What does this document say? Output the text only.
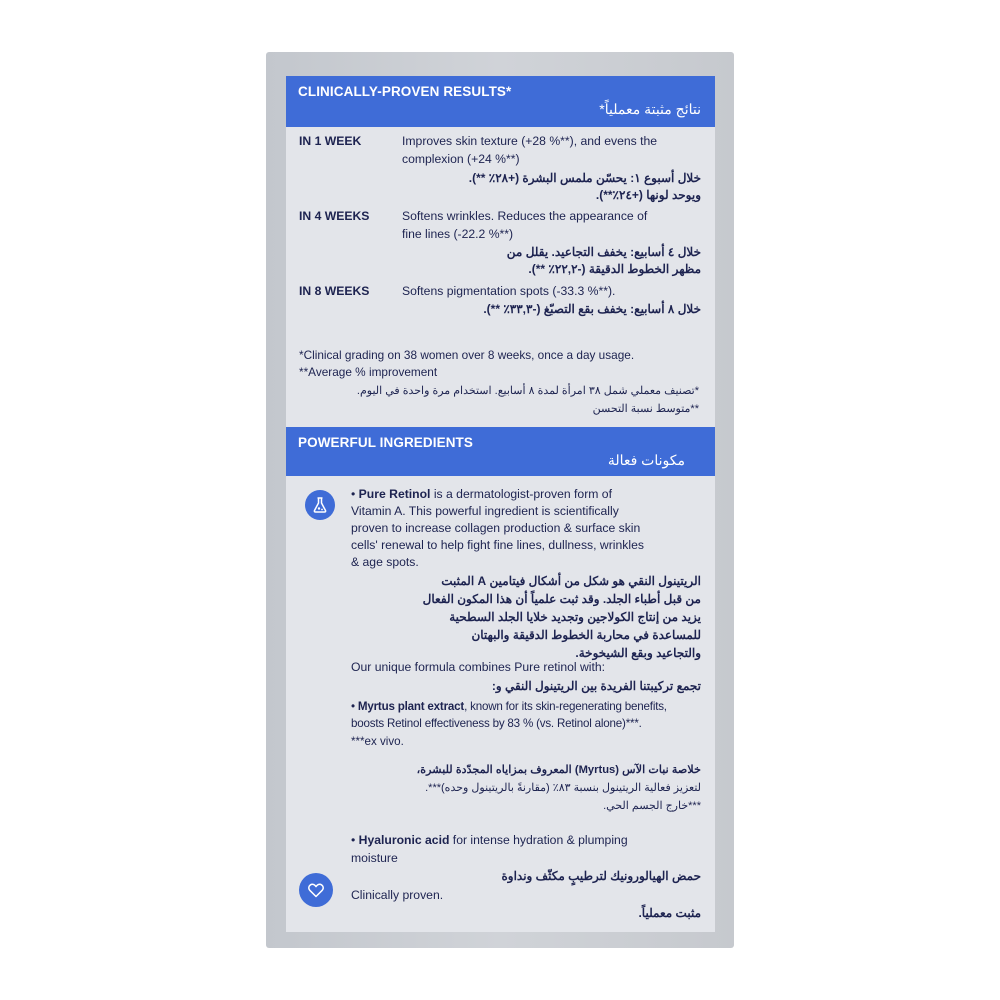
CLINICALLY-PROVEN RESULTS*
نتائج مثبتة معملياً*
IN 1 WEEK	Improves skin texture (+28 %**), and evens the
complexion (+24 %**)
خلال أسبوع ١: يحسّن ملمس البشرة (+٢٨٪ **).
ويوحد لونها (+٢٤٪**).
IN 4 WEEKS	Softens wrinkles. Reduces the appearance of
fine lines (-22.2 %**)
خلال ٤ أسابيع: يخفف التجاعيد. يقلل من
مظهر الخطوط الدقيقة (-٢٢,٢٪ **).
IN 8 WEEKS	Softens pigmentation spots (-33.3 %**).
خلال ٨ أسابيع: يخفف بقع التصبّغ (-٣٣,٣٪ **).
*Clinical grading on 38 women over 8 weeks, once a day usage.
**Average % improvement
*تصنيف معملي شمل ٣٨ امرأة لمدة ٨ أسابيع. استخدام مرة واحدة في اليوم.
**متوسط نسبة التحسن
POWERFUL INGREDIENTS
مكونات فعالة
• Pure Retinol is a dermatologist-proven form of
Vitamin A. This powerful ingredient is scientifically
proven to increase collagen production & surface skin
cells' renewal to help fight fine lines, dullness, wrinkles
& age spots.
الريتينول النقي هو شكل من أشكال فيتامين A المثبت
من قبل أطباء الجلد. وقد ثبت علمياً أن هذا المكون الفعال
يزيد من إنتاج الكولاجين وتجديد خلايا الجلد السطحية
للمساعدة في محاربة الخطوط الدقيقة والبهتان
والتجاعيد وبقع الشيخوخة.
Our unique formula combines Pure retinol with:
تجمع تركيبتنا الفريدة بين الريتينول النقي و:
• Myrtus plant extract, known for its skin-regenerating benefits,
boosts Retinol effectiveness by 83 % (vs. Retinol alone)***.
***ex vivo.
خلاصة نبات الآس (Myrtus) المعروف بمزاياه المجدّدة للبشرة،
لتعزيز فعالية الريتينول بنسبة ٨٣٪ (مقارنةً بالريتينول وحده)***.
***خارج الجسم الحي.
• Hyaluronic acid for intense hydration & plumping
moisture
حمض الهيالورونيك لترطيبٍ مكثّف ونداوة
Clinically proven.
مثبت معملياً.
